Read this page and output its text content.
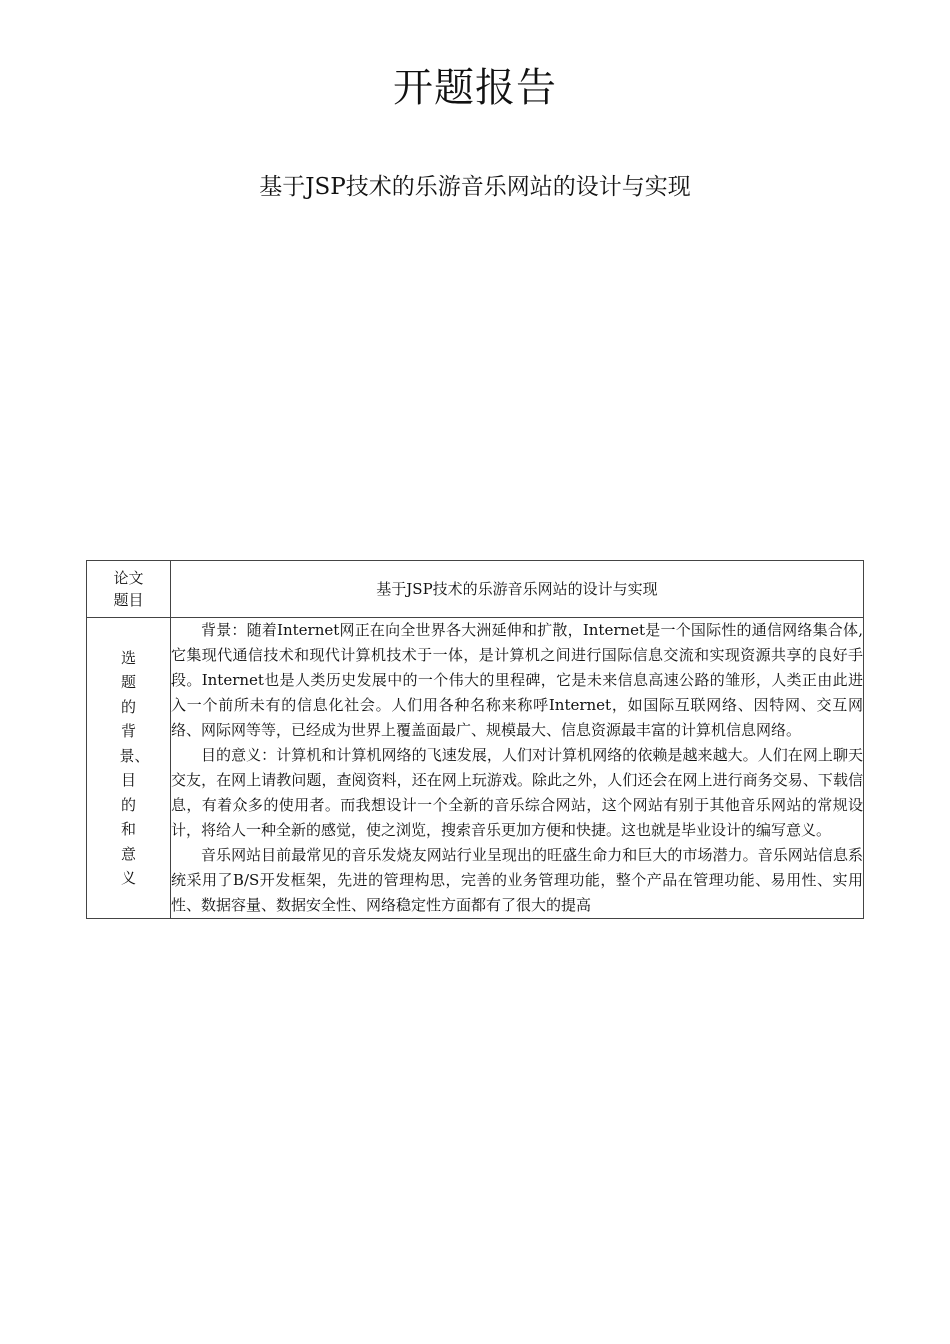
开题报告
基于JSP技术的乐游音乐网站的设计与实现
论文题目	基于JSP技术的乐游音乐网站的设计与实现

选题的背景、目的和意义	背景：随着Internet网正在向全世界各大洲延伸和扩散，Internet是一个国际性的通信网络集合体,它集现代通信技术和现代计算机技术于一体，是计算机之间进行国际信息交流和实现资源共享的良好手段。Internet也是人类历史发展中的一个伟大的里程碑，它是未来信息高速公路的雏形，人类正由此进入一个前所未有的信息化社会。人们用各种名称来称呼Internet，如国际互联网络、因特网、交互网络、网际网等等，已经成为世界上覆盖面最广、规模最大、信息资源最丰富的计算机信息网络。

目的意义：计算机和计算机网络的飞速发展，人们对计算机网络的依赖是越来越大。人们在网上聊天交友，在网上请教问题，查阅资料，还在网上玩游戏。除此之外，人们还会在网上进行商务交易、下载信息，有着众多的使用者。而我想设计一个全新的音乐综合网站，这个网站有别于其他音乐网站的常规设计，将给人一种全新的感觉，使之浏览，搜索音乐更加方便和快捷。这也就是毕业设计的编写意义。

音乐网站目前最常见的音乐发烧友网站行业呈现出的旺盛生命力和巨大的市场潜力。音乐网站信息系统采用了B/S开发框架，先进的管理构思，完善的业务管理功能，整个产品在管理功能、易用性、实用性、数据容量、数据安全性、网络稳定性方面都有了很大的提高
